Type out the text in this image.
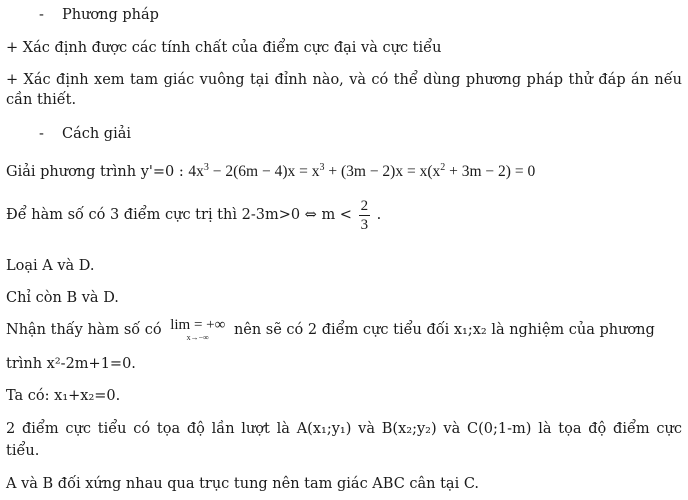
- Phương pháp
+ Xác định được các tính chất của điểm cực đại và cực tiểu
+ Xác định xem tam giác vuông tại đỉnh nào, và có thể dùng phương pháp thử đáp án nếu
cần thiết.
- Cách giải
Giải phương trình y'=0 : $4x^3 - 2(6m - 4)x = x^3 + (3m - 2)x = x(x^2 + 3m - 2) = 0$
Để hàm số có 3 điểm cực trị thì 2-3m>0 ⇔ $m < \frac{2}{3}$ .
Loại A và D.
Chỉ còn B và D.
Nhận thấy hàm số có lim = +∞
x→−∞	nên sẽ có 2 điểm cực tiểu đối x₁;x₂ là nghiệm của phương
trình x²-2m+1=0.
Ta có: x₁+x₂=0.
2 điểm cực tiểu có tọa độ lần lượt là A(x₁;y₁) và B(x₂;y₂) và C(0;1-m) là tọa độ điểm cực
tiểu.
A và B đối xứng nhau qua trục tung nên tam giác ABC cân tại C.
